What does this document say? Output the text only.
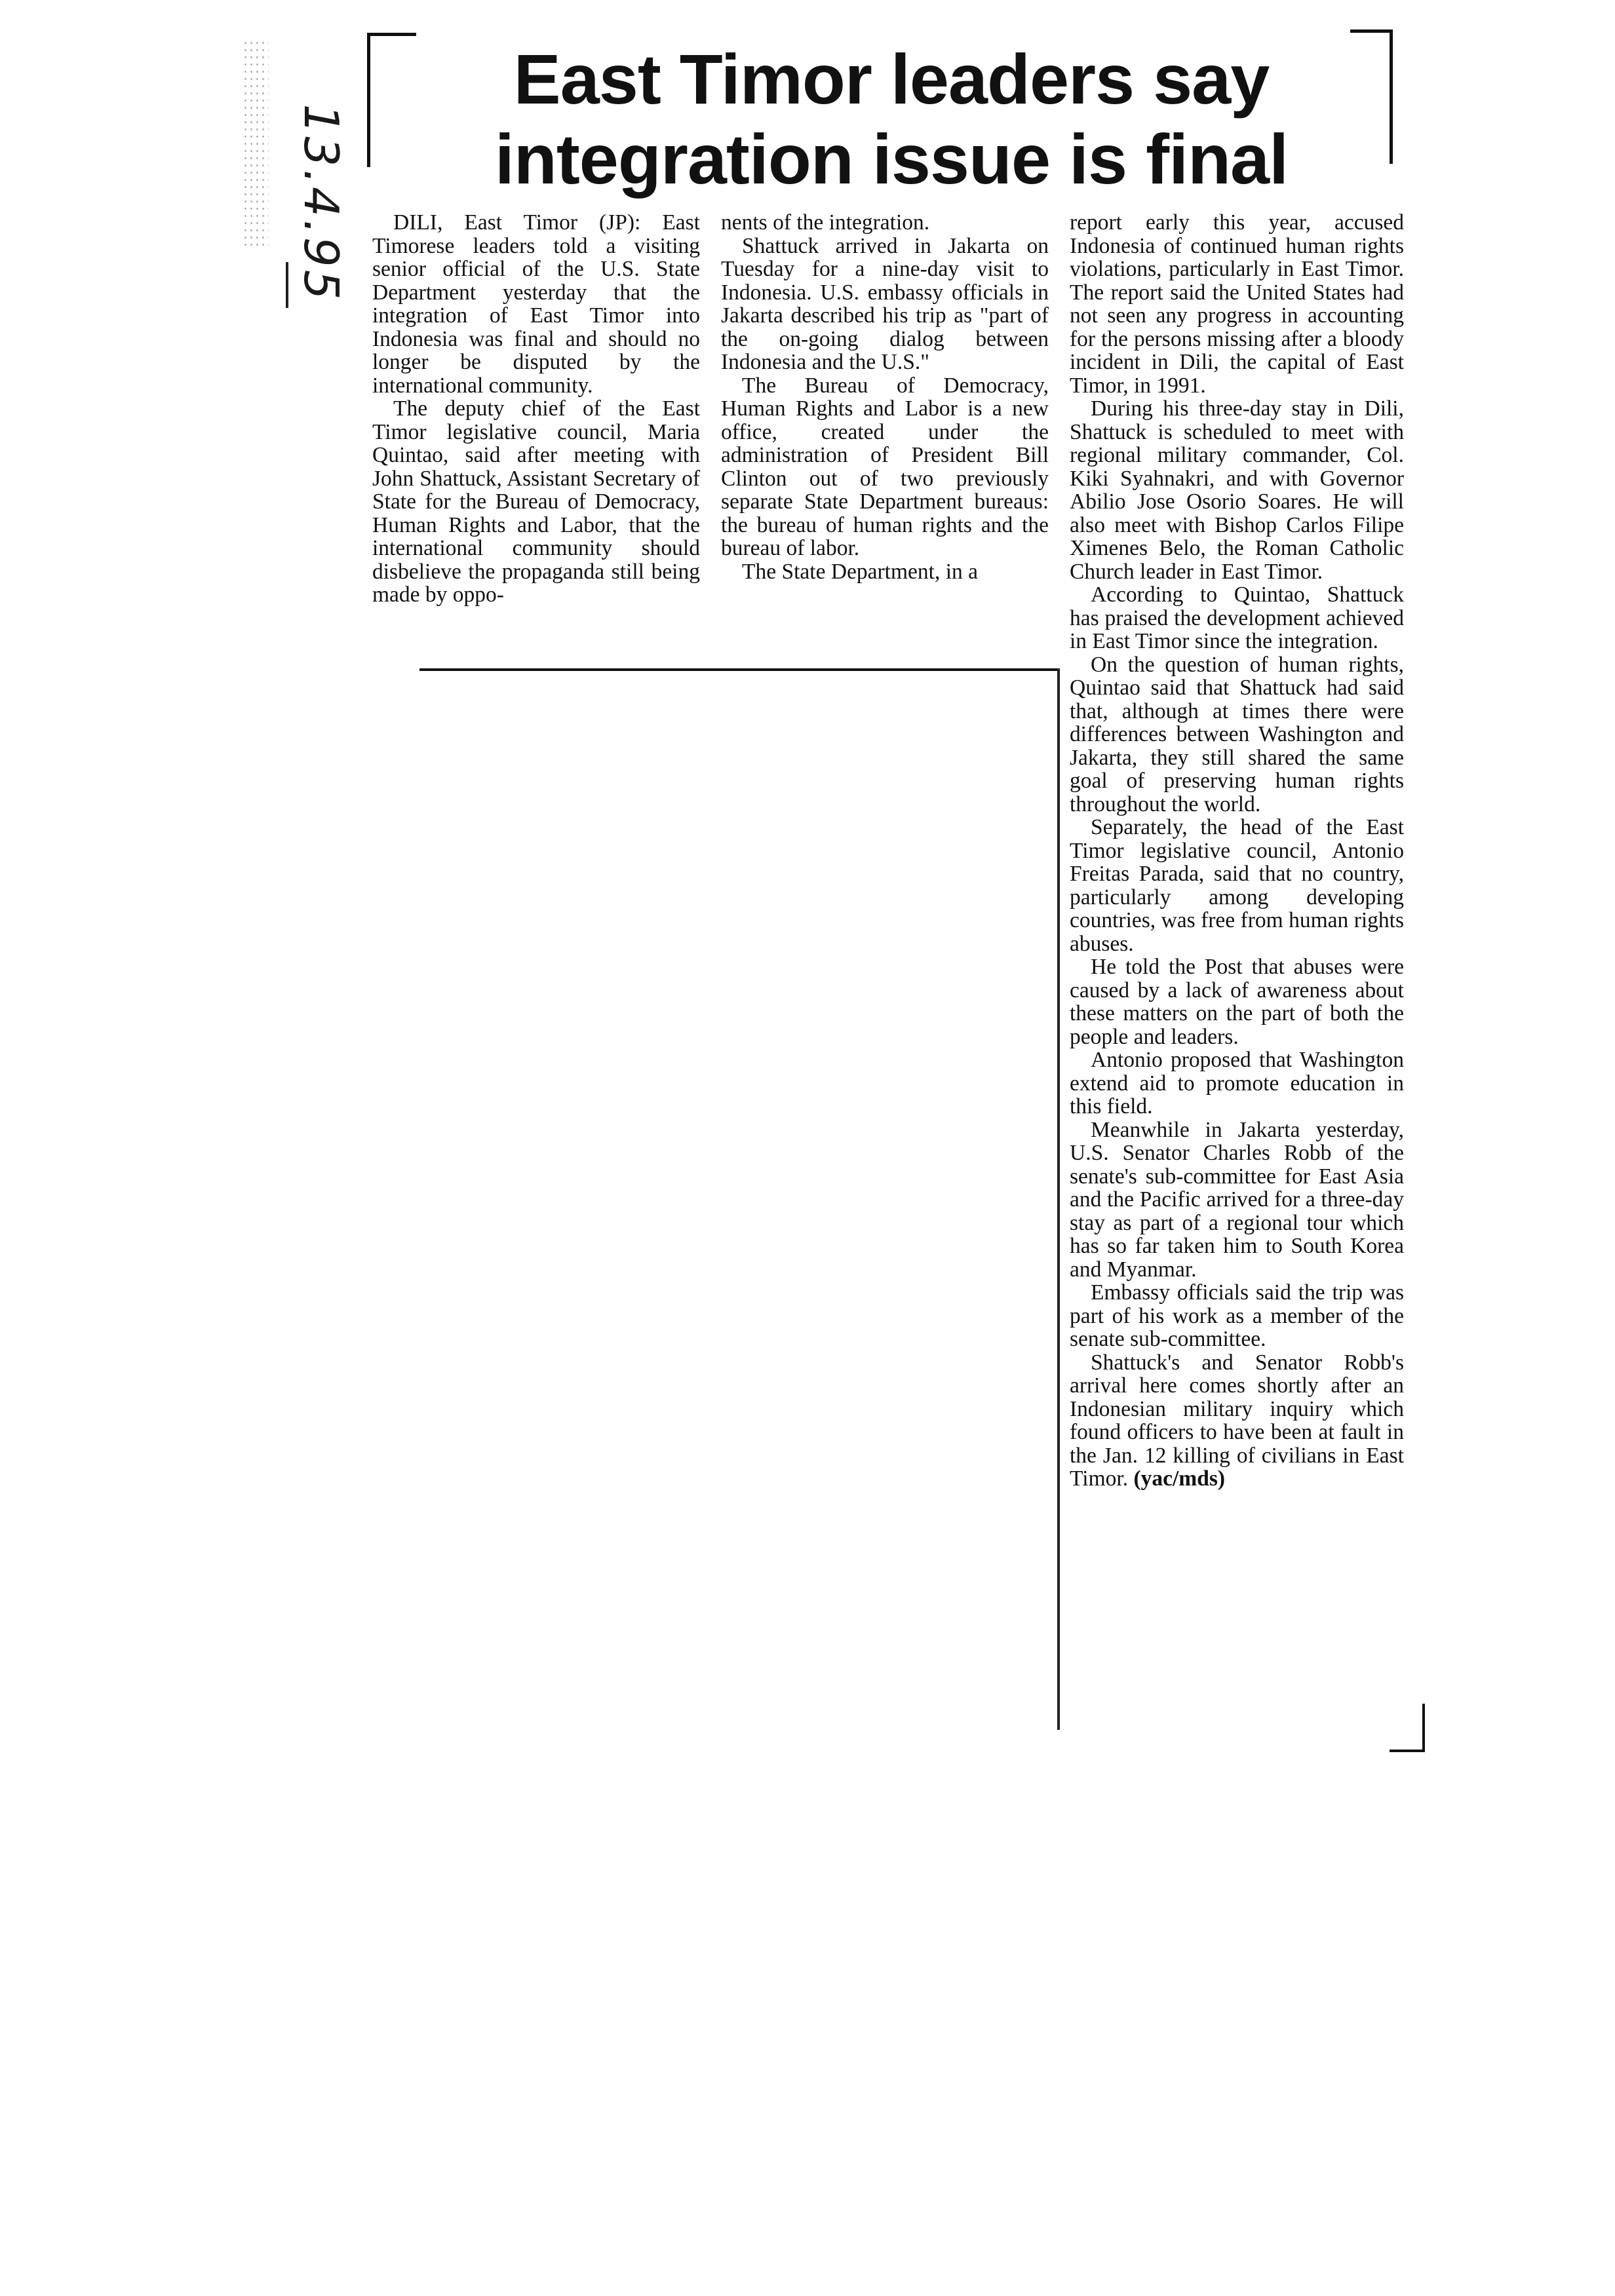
13.4.95
East Timor leaders say
integration issue is final

DILI, East Timor (JP): East Timorese leaders told a visiting senior official of the U.S. State Department yesterday that the integration of East Timor into Indonesia was final and should no longer be disputed by the international community.

The deputy chief of the East Timor legislative council, Maria Quintao, said after meeting with John Shattuck, Assistant Secretary of State for the Bureau of Democracy, Human Rights and Labor, that the international community should disbelieve the propaganda still being made by oppo-

nents of the integration.

Shattuck arrived in Jakarta on Tuesday for a nine-day visit to Indonesia. U.S. embassy officials in Jakarta described his trip as "part of the on-going dialog between Indonesia and the U.S."

The Bureau of Democracy, Human Rights and Labor is a new office, created under the administration of President Bill Clinton out of two previously separate State Department bureaus: the bureau of human rights and the bureau of labor.

The State Department, in a

report early this year, accused Indonesia of continued human rights violations, particularly in East Timor. The report said the United States had not seen any progress in accounting for the persons missing after a bloody incident in Dili, the capital of East Timor, in 1991.

During his three-day stay in Dili, Shattuck is scheduled to meet with regional military commander, Col. Kiki Syahnakri, and with Governor Abilio Jose Osorio Soares. He will also meet with Bishop Carlos Filipe Ximenes Belo, the Roman Catholic Church leader in East Timor.

According to Quintao, Shattuck has praised the development achieved in East Timor since the integration.

On the question of human rights, Quintao said that Shattuck had said that, although at times there were differences between Washington and Jakarta, they still shared the same goal of preserving human rights throughout the world.

Separately, the head of the East Timor legislative council, Antonio Freitas Parada, said that no country, particularly among developing countries, was free from human rights abuses.

He told the Post that abuses were caused by a lack of awareness about these matters on the part of both the people and leaders.

Antonio proposed that Washington extend aid to promote education in this field.

Meanwhile in Jakarta yesterday, U.S. Senator Charles Robb of the senate's sub-committee for East Asia and the Pacific arrived for a three-day stay as part of a regional tour which has so far taken him to South Korea and Myanmar.

Embassy officials said the trip was part of his work as a member of the senate sub-committee.

Shattuck's and Senator Robb's arrival here comes shortly after an Indonesian military inquiry which found officers to have been at fault in the Jan. 12 killing of civilians in East Timor. (yac/mds)
